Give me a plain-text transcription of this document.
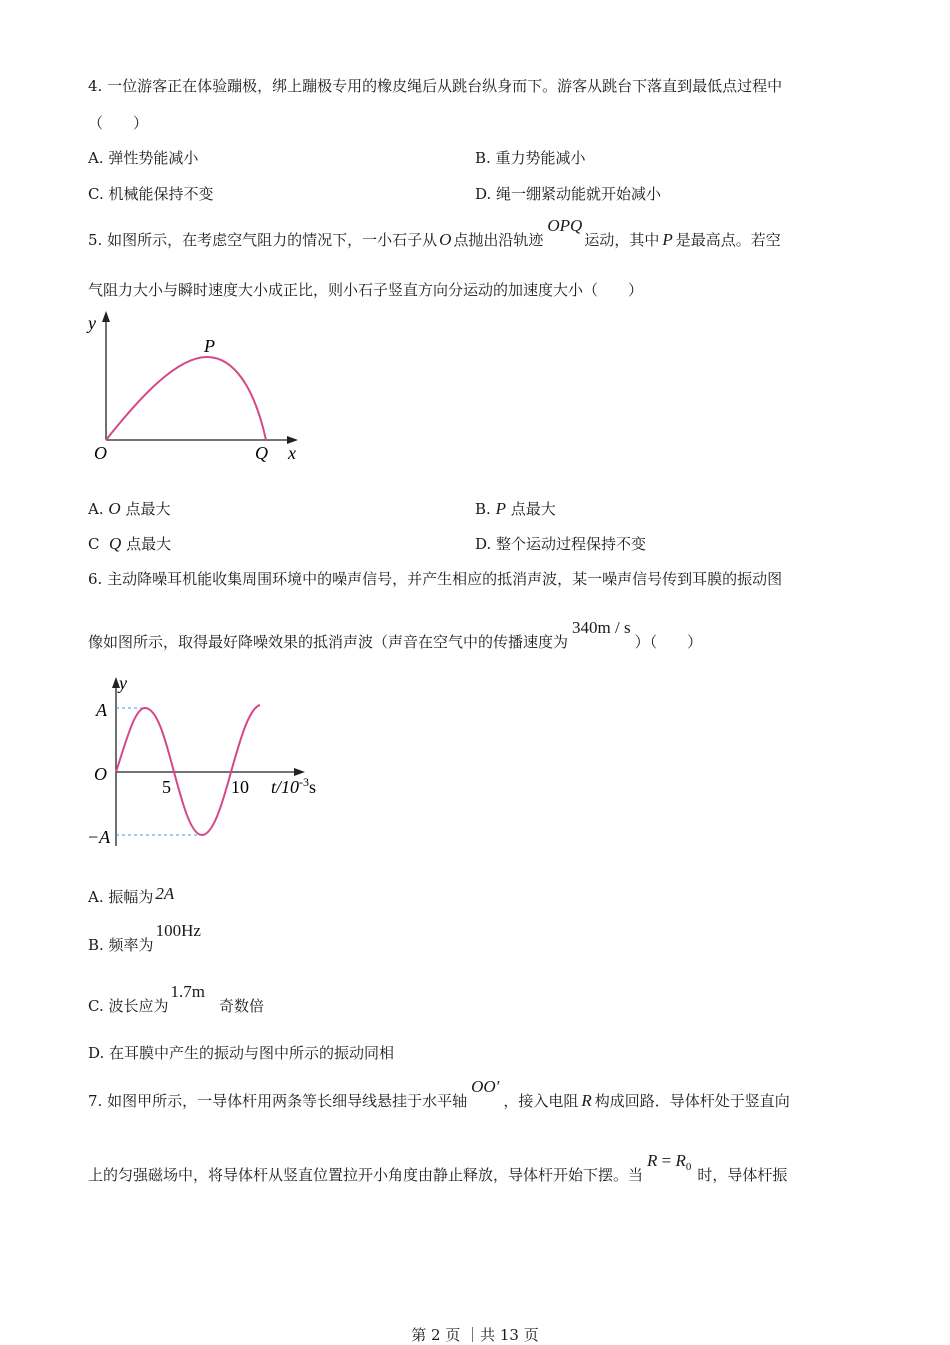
4. 一位游客正在体验蹦极，绑上蹦极专用的橡皮绳后从跳台纵身而下。游客从跳台下落直到最低点过程中
（　　）
A. 弹性势能减小	B. 重力势能减小
C. 机械能保持不变	D. 绳一绷紧动能就开始减小
5. 如图所示，在考虑空气阻力的情况下，一小石子从 O 点抛出沿轨迹OPQ运动，其中 P 是最高点。若空
气阻力大小与瞬时速度大小成正比，则小石子竖直方向分运动的加速度大小（　　）
y
P
O	Q x
A. O 点最大	B. P 点最大
C Q 点最大	D. 整个运动过程保持不变
6. 主动降噪耳机能收集周围环境中的噪声信号，并产生相应的抵消声波，某一噪声信号传到耳膜的振动图
像如图所示，取得最好降噪效果的抵消声波（声音在空气中的传播速度为340m / s）（　　）
y
A
O
−A
5	10 $t/10^{-3}s$
A. 振幅为 2A
B. 频率为100Hz
C. 波长应为1.7m奇数倍
D. 在耳膜中产生的振动与图中所示的振动同相
7. 如图甲所示，一导体杆用两条等长细导线悬挂于水平轴OO′，接入电阻 R 构成回路．导体杆处于竖直向
上的匀强磁场中，将导体杆从竖直位置拉开小角度由静止释放，导体杆开始下摆。当$R = R_0$ 时，导体杆振
第 2 页 ｜共 13 页
